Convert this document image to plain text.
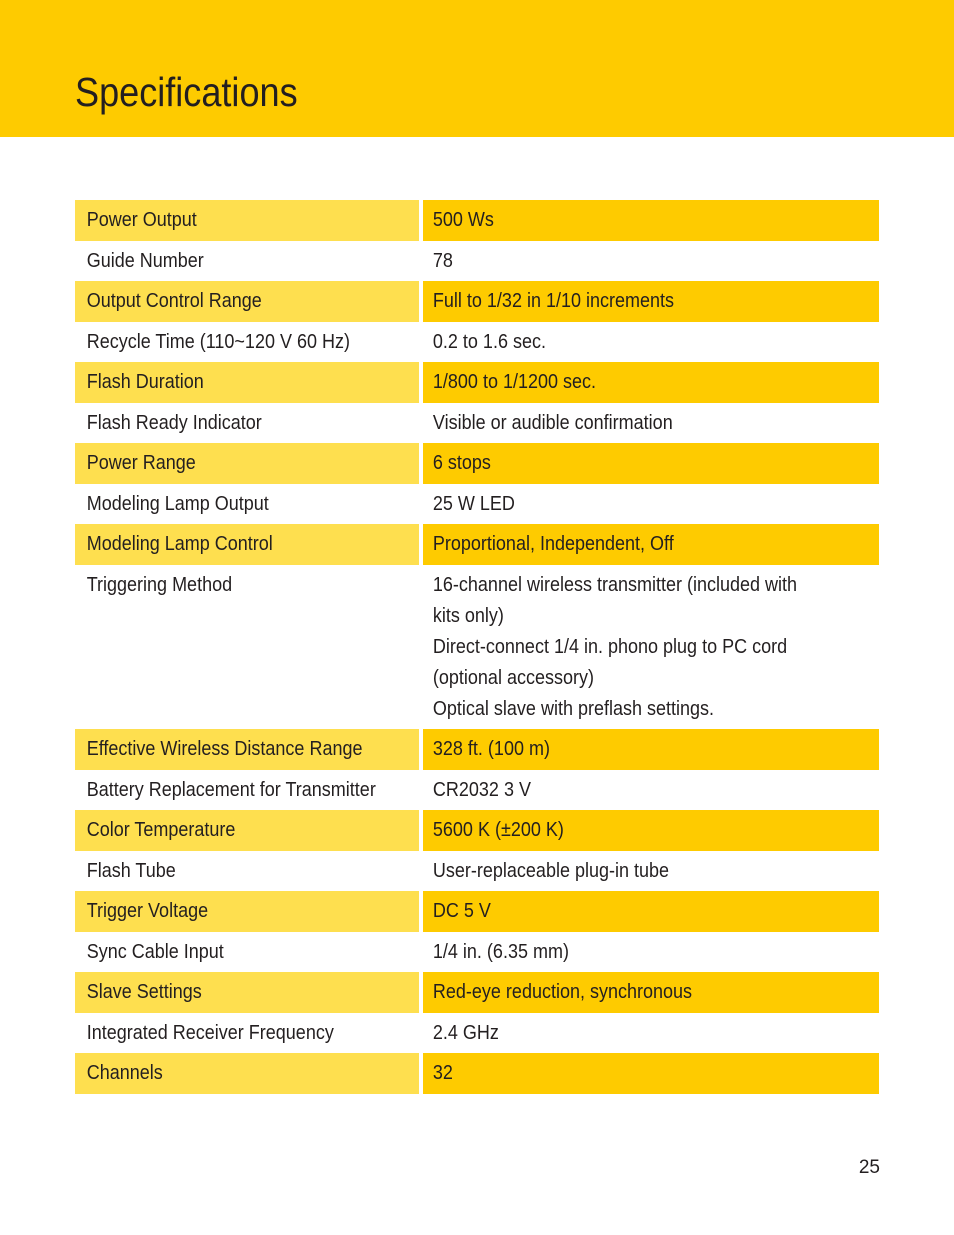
Specifications
Power Output		500 Ws

Guide Number		78

Output Control Range		Full to 1/32 in 1/10 increments

Recycle Time (110~120 V 60 Hz)		0.2 to 1.6 sec.

Flash Duration		1/800 to 1/1200 sec.

Flash Ready Indicator		Visible or audible confirmation

Power Range		6 stops

Modeling Lamp Output		25 W LED

Modeling Lamp Control		Proportional, Independent, Off

Triggering Method		16-channel wireless transmitter (included with
kits only)
Direct-connect 1/4 in. phono plug to PC cord
(optional accessory)
Optical slave with preflash settings.

Effective Wireless Distance Range		328 ft. (100 m)

Battery Replacement for Transmitter		CR2032 3 V

Color Temperature		5600 K (±200 K)

Flash Tube		User-replaceable plug-in tube

Trigger Voltage		DC 5 V

Sync Cable Input		1/4 in. (6.35 mm)

Slave Settings		Red-eye reduction, synchronous

Integrated Receiver Frequency		2.4 GHz

Channels		32
25
